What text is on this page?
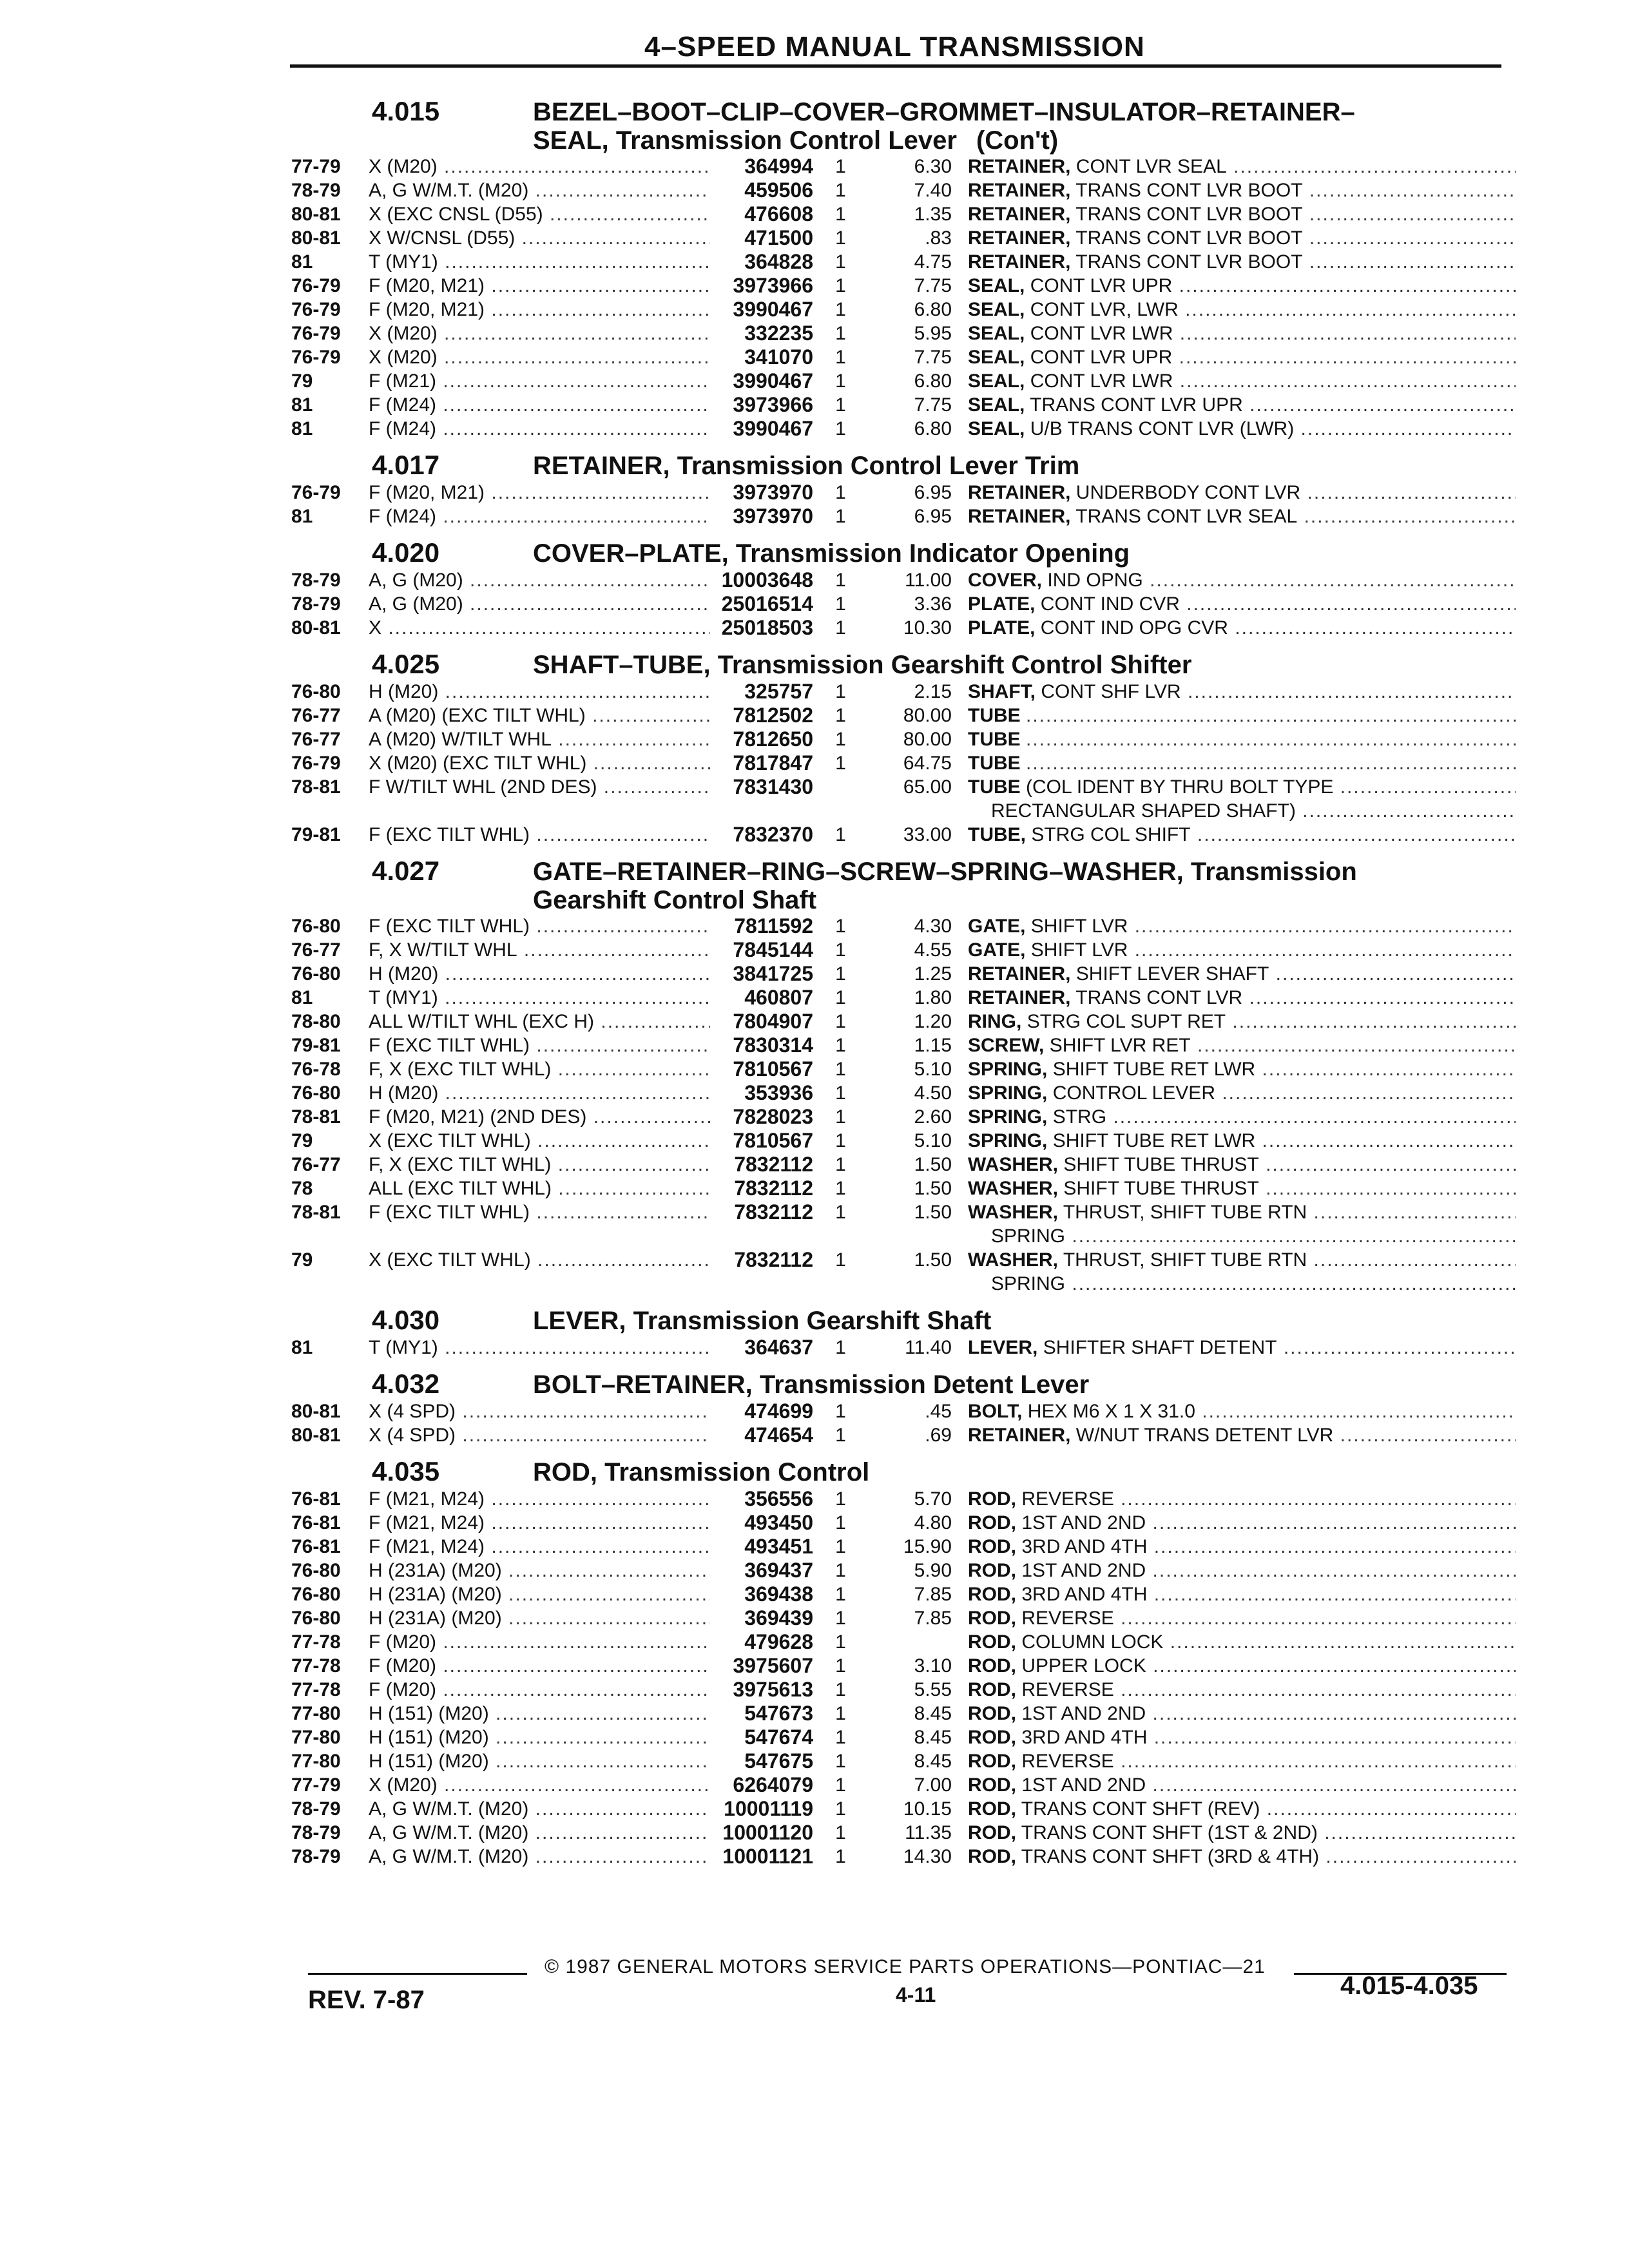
4–SPEED MANUAL TRANSMISSION
4.015	BEZEL–BOOT–CLIP–COVER–GROMMET–INSULATOR–RETAINER–
SEAL, Transmission Control Lever (Con't)
77-79	X (M20) .....	364994	1	6.30 RETAINER, CONT LVR SEAL .....
78-79	A, G W/M.T. (M20) .....	459506	1	7.40 RETAINER, TRANS CONT LVR BOOT .....
80-81	X (EXC CNSL (D55) .....	476608	1	1.35 RETAINER, TRANS CONT LVR BOOT .....
80-81	X W/CNSL (D55) .....	471500	1	.83 RETAINER, TRANS CONT LVR BOOT .....
81	T (MY1) .....	364828	1	4.75 RETAINER, TRANS CONT LVR BOOT .....
76-79	F (M20, M21) .....	3973966	1	7.75 SEAL, CONT LVR UPR .....
76-79	F (M20, M21) .....	3990467	1	6.80 SEAL, CONT LVR, LWR .....
76-79	X (M20) .....	332235	1	5.95 SEAL, CONT LVR LWR .....
76-79	X (M20) .....	341070	1	7.75 SEAL, CONT LVR UPR .....
79	F (M21) .....	3990467	1	6.80 SEAL, CONT LVR LWR .....
81	F (M24) .....	3973966	1	7.75 SEAL, TRANS CONT LVR UPR .....
81	F (M24) .....	3990467	1	6.80 SEAL, U/B TRANS CONT LVR (LWR) .....
4.017	RETAINER, Transmission Control Lever Trim
76-79	F (M20, M21) .....	3973970	1	6.95 RETAINER, UNDERBODY CONT LVR .....
81	F (M24) .....	3973970	1	6.95 RETAINER, TRANS CONT LVR SEAL .....
4.020	COVER–PLATE, Transmission Indicator Opening
78-79	A, G (M20) .....	10003648	1	11.00 COVER, IND OPNG .....
78-79	A, G (M20) .....	25016514	1	3.36 PLATE, CONT IND CVR .....
80-81	X .....	25018503	1	10.30 PLATE, CONT IND OPG CVR .....
4.025	SHAFT–TUBE, Transmission Gearshift Control Shifter
76-80	H (M20) .....	325757	1	2.15 SHAFT, CONT SHF LVR .....
76-77	A (M20) (EXC TILT WHL) .....	7812502	1	80.00 TUBE .....
76-77	A (M20) W/TILT WHL .....	7812650	1	80.00 TUBE .....
76-79	X (M20) (EXC TILT WHL) .....	7817847	1	64.75 TUBE .....
78-81	F W/TILT WHL (2ND DES) .....	7831430	65.00 TUBE (COL IDENT BY THRU BOLT TYPE .....
RECTANGULAR SHAPED SHAFT) .....
79-81	F (EXC TILT WHL) .....	7832370	1	33.00 TUBE, STRG COL SHIFT .....
4.027	GATE–RETAINER–RING–SCREW–SPRING–WASHER, Transmission
Gearshift Control Shaft
76-80	F (EXC TILT WHL) .....	7811592	1	4.30 GATE, SHIFT LVR .....
76-77	F, X W/TILT WHL .....	7845144	1	4.55 GATE, SHIFT LVR .....
76-80	H (M20) .....	3841725	1	1.25 RETAINER, SHIFT LEVER SHAFT .....
81	T (MY1) .....	460807	1	1.80 RETAINER, TRANS CONT LVR .....
78-80	ALL W/TILT WHL (EXC H) .....	7804907	1	1.20 RING, STRG COL SUPT RET .....
79-81	F (EXC TILT WHL) .....	7830314	1	1.15 SCREW, SHIFT LVR RET .....
76-78	F, X (EXC TILT WHL) .....	7810567	1	5.10 SPRING, SHIFT TUBE RET LWR .....
76-80	H (M20) .....	353936	1	4.50 SPRING, CONTROL LEVER .....
78-81	F (M20, M21) (2ND DES) .....	7828023	1	2.60 SPRING, STRG .....
79	X (EXC TILT WHL) .....	7810567	1	5.10 SPRING, SHIFT TUBE RET LWR .....
76-77	F, X (EXC TILT WHL) .....	7832112	1	1.50 WASHER, SHIFT TUBE THRUST .....
78	ALL (EXC TILT WHL) .....	7832112	1	1.50 WASHER, SHIFT TUBE THRUST .....
78-81	F (EXC TILT WHL) .....	7832112	1	1.50 WASHER, THRUST, SHIFT TUBE RTN .....
SPRING .....
79	X (EXC TILT WHL) .....	7832112	1	1.50 WASHER, THRUST, SHIFT TUBE RTN .....
SPRING .....
4.030	LEVER, Transmission Gearshift Shaft
81	T (MY1) .....	364637	1	11.40 LEVER, SHIFTER SHAFT DETENT .....
4.032	BOLT–RETAINER, Transmission Detent Lever
80-81	X (4 SPD) .....	474699	1	.45 BOLT, HEX M6 X 1 X 31.0 .....
80-81	X (4 SPD) .....	474654	1	.69 RETAINER, W/NUT TRANS DETENT LVR .....
4.035	ROD, Transmission Control
76-81	F (M21, M24) .....	356556	1	5.70 ROD, REVERSE .....
76-81	F (M21, M24) .....	493450	1	4.80 ROD, 1ST AND 2ND .....
76-81	F (M21, M24) .....	493451	1	15.90 ROD, 3RD AND 4TH .....
76-80	H (231A) (M20) .....	369437	1	5.90 ROD, 1ST AND 2ND .....
76-80	H (231A) (M20) .....	369438	1	7.85 ROD, 3RD AND 4TH .....
76-80	H (231A) (M20) .....	369439	1	7.85 ROD, REVERSE .....
77-78	F (M20) .....	479628	1	ROD, COLUMN LOCK .....
77-78	F (M20) .....	3975607	1	3.10 ROD, UPPER LOCK .....
77-78	F (M20) .....	3975613	1	5.55 ROD, REVERSE .....
77-80	H (151) (M20) .....	547673	1	8.45 ROD, 1ST AND 2ND .....
77-80	H (151) (M20) .....	547674	1	8.45 ROD, 3RD AND 4TH .....
77-80	H (151) (M20) .....	547675	1	8.45 ROD, REVERSE .....
77-79	X (M20) .....	6264079	1	7.00 ROD, 1ST AND 2ND .....
78-79	A, G W/M.T. (M20) .....	10001119	1	10.15 ROD, TRANS CONT SHFT (REV) .....
78-79	A, G W/M.T. (M20) .....	10001120	1	11.35 ROD, TRANS CONT SHFT (1ST & 2ND) .....
78-79	A, G W/M.T. (M20) .....	10001121	1	14.30 ROD, TRANS CONT SHFT (3RD & 4TH) .....
© 1987 GENERAL MOTORS SERVICE PARTS OPERATIONS—PONTIAC—21
REV. 7-87	4-11	4.015-4.035
